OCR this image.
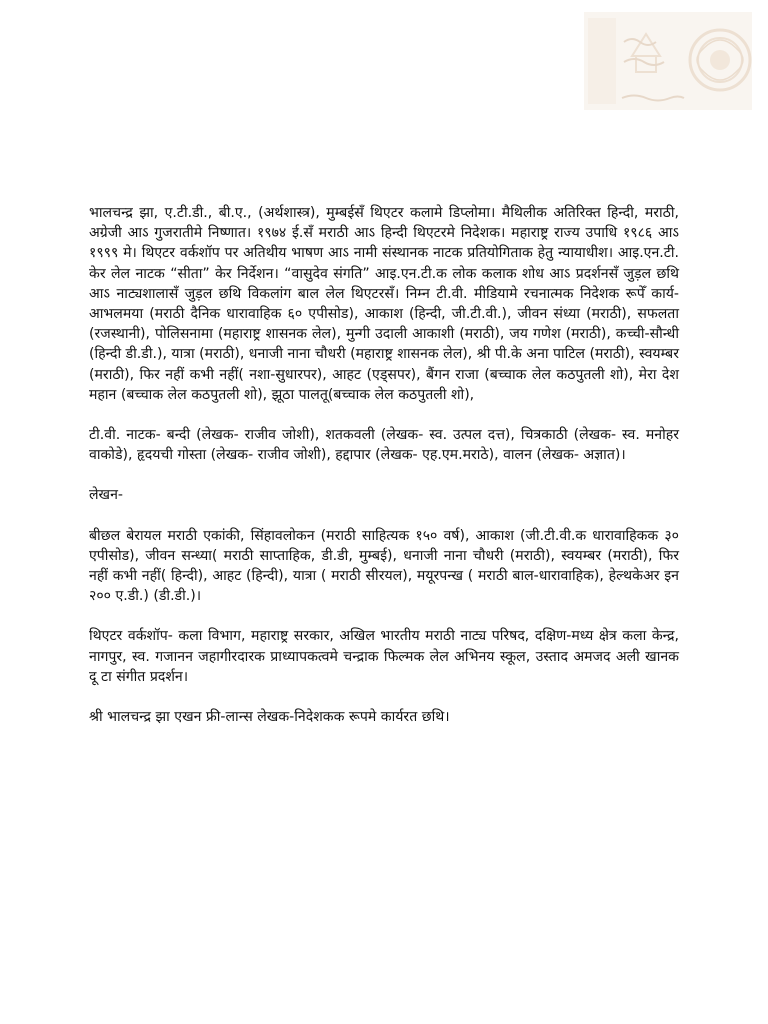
भालचन्द्र झा, ए.टी.डी., बी.ए., (अर्थशास्त्र), मुम्बईसँ थिएटर कलामे डिप्लोमा। मैथिलीक अतिरिक्त हिन्दी, मराठी, अग्रेजी आऽ गुजरातीमे निष्णात। १९७४ ई.सँ मराठी आऽ हिन्दी थिएटरमे निदेशक। महाराष्ट्र राज्य उपाधि १९८६ आऽ १९९९ मे। थिएटर वर्कशॉप पर अतिथीय भाषण आऽ नामी संस्थानक नाटक प्रतियोगिताक हेतु न्यायाधीश। आइ.एन.टी. केर लेल नाटक “सीता” केर निर्देशन। “वासुदेव संगति” आइ.एन.टी.क लोक कलाक शोध आऽ प्रदर्शनसँ जुड़ल छथि आऽ नाट्यशालासँ जुड़ल छथि विकलांग बाल लेल थिएटरसँ। निम्न टी.वी. मीडियामे रचनात्मक निदेशक रूपेँ कार्य- आभलमया (मराठी दैनिक धारावाहिक ६० एपीसोड), आकाश (हिन्दी, जी.टी.वी.), जीवन संध्या (मराठी), सफलता (रजस्थानी), पोलिसनामा (महाराष्ट्र शासनक लेल), मुन्गी उदाली आकाशी (मराठी), जय गणेश (मराठी), कच्ची-सौन्धी (हिन्दी डी.डी.), यात्रा (मराठी), धनाजी नाना चौधरी (महाराष्ट्र शासनक लेल), श्री पी.के अना पाटिल (मराठी), स्वयम्बर (मराठी), फिर नहीं कभी नहीं( नशा-सुधारपर), आहट (एड्सपर), बैंगन राजा (बच्चाक लेल कठपुतली शो), मेरा देश महान (बच्चाक लेल कठपुतली शो), झूठा पालतू(बच्चाक लेल कठपुतली शो),

टी.वी. नाटक- बन्दी (लेखक- राजीव जोशी), शतकवली (लेखक- स्व. उत्पल दत्त), चित्रकाठी (लेखक- स्व. मनोहर वाकोडे), हृदयची गोस्ता (लेखक- राजीव जोशी), हद्दापार (लेखक- एह.एम.मराठे), वालन (लेखक- अज्ञात)।

लेखन-

बीछल बेरायल मराठी एकांकी, सिंहावलोकन (मराठी साहित्यक १५० वर्ष), आकाश (जी.टी.वी.क धारावाहिकक ३० एपीसोड), जीवन सन्ध्या( मराठी साप्ताहिक, डी.डी, मुम्बई), धनाजी नाना चौधरी (मराठी), स्वयम्बर (मराठी), फिर नहीं कभी नहीं( हिन्दी), आहट (हिन्दी), यात्रा ( मराठी सीरयल), मयूरपन्ख ( मराठी बाल-धारावाहिक), हेल्थकेअर इन २०० ए.डी.) (डी.डी.)।

थिएटर वर्कशॉप- कला विभाग, महाराष्ट्र सरकार, अखिल भारतीय मराठी नाट्य परिषद, दक्षिण-मध्य क्षेत्र कला केन्द्र, नागपुर, स्व. गजानन जहागीरदारक प्राध्यापकत्वमे चन्द्राक फिल्मक लेल अभिनय स्कूल, उस्ताद अमजद अली खानक दू टा संगीत प्रदर्शन।

श्री भालचन्द्र झा एखन फ्री-लान्स लेखक-निदेशकक रूपमे कार्यरत छथि।
